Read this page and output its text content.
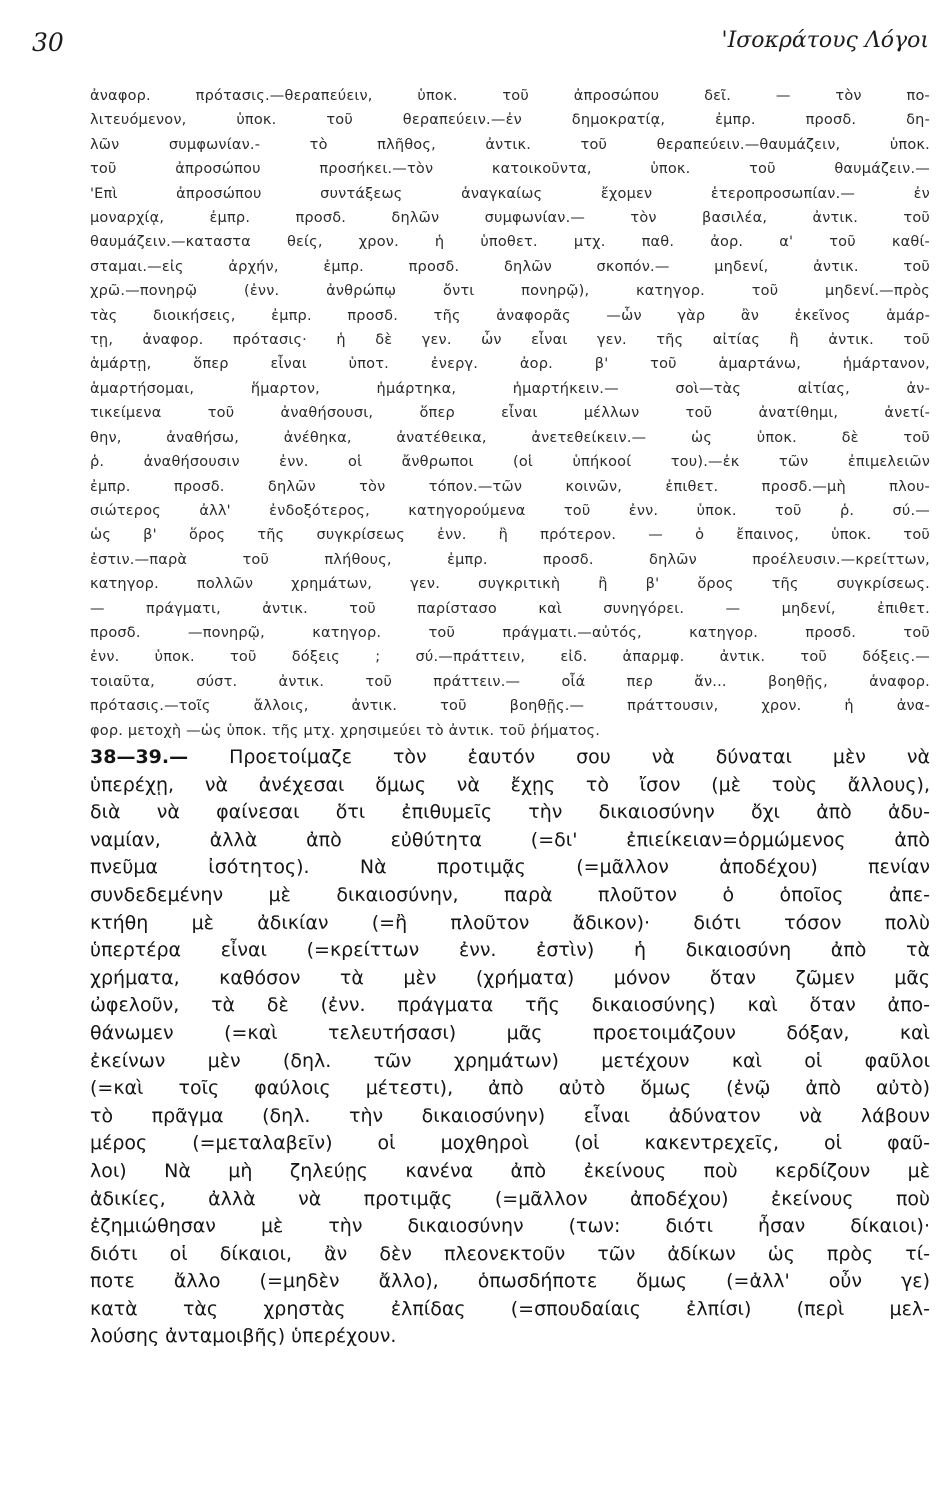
30	'Ισοκράτους Λόγοι
ἀναφορ. πρότασις.—θεραπεύειν, ὑποκ. τοῦ ἀπροσώπου δεῖ. — τὸν πο-
λιτευόμενον, ὑποκ. τοῦ θεραπεύειν.—ἐν δημοκρατίᾳ, ἐμπρ. προσδ. δη-
λῶν συμφωνίαν.- τὸ πλῆθος, ἀντικ. τοῦ θεραπεύειν.—θαυμάζειν, ὑποκ.
τοῦ ἀπροσώπου προσήκει.—τὸν κατοικοῦντα, ὑποκ. τοῦ θαυμάζειν.—
'Επὶ ἀπροσώπου συντάξεως ἀναγκαίως ἔχομεν ἑτεροπροσωπίαν.— ἐν
μοναρχίᾳ, ἐμπρ. προσδ. δηλῶν συμφωνίαν.— τὸν βασιλέα, ἀντικ. τοῦ
θαυμάζειν.—καταστα θείς, χρον. ἡ ὑποθετ. μτχ. παθ. ἀορ. α' τοῦ καθί-
σταμαι.—εἰς ἀρχήν, ἐμπρ. προσδ. δηλῶν σκοπόν.— μηδενί, ἀντικ. τοῦ
χρῶ.—πονηρῷ (ἐνν. ἀνθρώπῳ ὄντι πονηρῷ), κατηγορ. τοῦ μηδενί.—πρὸς
τὰς διοικήσεις, ἐμπρ. προσδ. τῆς ἀναφορᾶς —ὧν γὰρ ἂν ἐκεῖνος ἁμάρ-
τῃ, ἀναφορ. πρότασις· ἡ δὲ γεν. ὧν εἶναι γεν. τῆς αἰτίας ἢ ἀντικ. τοῦ
ἁμάρτῃ, ὅπερ εἶναι ὑποτ. ἐνεργ. ἀορ. β' τοῦ ἁμαρτάνω, ἡμάρτανον,
ἁμαρτήσομαι, ἥμαρτον, ἡμάρτηκα, ἡμαρτήκειν.— σοὶ—τὰς αἰτίας, ἀν-
τικείμενα τοῦ ἀναθήσουσι, ὅπερ εἶναι μέλλων τοῦ ἀνατίθημι, ἀνετί-
θην, ἀναθήσω, ἀνέθηκα, ἀνατέθεικα, ἀνετεθείκειν.— ὡς ὑποκ. δὲ τοῦ
ῥ. ἀναθήσουσιν ἐνν. οἱ ἄνθρωποι (οἱ ὑπήκοοί του).—ἐκ τῶν ἐπιμελειῶν
ἐμπρ. προσδ. δηλῶν τὸν τόπον.—τῶν κοινῶν, ἐπιθετ. προσδ.—μὴ πλου-
σιώτερος ἀλλ' ἐνδοξότερος, κατηγορούμενα τοῦ ἐνν. ὑποκ. τοῦ ῥ. σύ.—
ὡς β' ὅρος τῆς συγκρίσεως ἐνν. ἢ πρότερον. — ὁ ἔπαινος, ὑποκ. τοῦ
ἐστιν.—παρὰ τοῦ πλήθους, ἐμπρ. προσδ. δηλῶν προέλευσιν.—κρείττων,
κατηγορ. πολλῶν χρημάτων, γεν. συγκριτικὴ ἢ β' ὅρος τῆς συγκρίσεως.
— πράγματι, ἀντικ. τοῦ παρίστασο καὶ συνηγόρει. — μηδενί, ἐπιθετ.
προσδ. —πονηρῷ, κατηγορ. τοῦ πράγματι.—αὐτός, κατηγορ. προσδ. τοῦ
ἐνν. ὑποκ. τοῦ δόξεις ; σύ.—πράττειν, εἰδ. ἀπαρμφ. ἀντικ. τοῦ δόξεις.—
τοιαῦτα, σύστ. ἀντικ. τοῦ πράττειν.— οἷά περ ἄν... βοηθῇς, ἀναφορ.
πρότασις.—τοῖς ἄλλοις, ἀντικ. τοῦ βοηθῇς.— πράττουσιν, χρον. ἡ ἀνα-
φορ. μετοχὴ —ὡς ὑποκ. τῆς μτχ. χρησιμεύει τὸ ἀντικ. τοῦ ῥήματος.
38—39.— Προετοίμαζε τὸν ἑαυτόν σου νὰ δύναται μὲν νὰ
ὑπερέχῃ, νὰ ἀνέχεσαι ὅμως νὰ ἔχῃς τὸ ἴσον (μὲ τοὺς ἄλλους),
διὰ νὰ φαίνεσαι ὅτι ἐπιθυμεῖς τὴν δικαιοσύνην ὄχι ἀπὸ ἀδυ-
ναμίαν, ἀλλὰ ἀπὸ εὐθύτητα (=δι' ἐπιείκειαν=ὁρμώμενος ἀπὸ
πνεῦμα ἰσότητος). Νὰ προτιμᾷς (=μᾶλλον ἀποδέχου) πενίαν
συνδεδεμένην μὲ δικαιοσύνην, παρὰ πλοῦτον ὁ ὁποῖος ἀπε-
κτήθη μὲ ἀδικίαν (=ἢ πλοῦτον ἄδικον)· διότι τόσον πολὺ
ὑπερτέρα εἶναι (=κρείττων ἐνν. ἐστὶν) ἡ δικαιοσύνη ἀπὸ τὰ
χρήματα, καθόσον τὰ μὲν (χρήματα) μόνον ὅταν ζῶμεν μᾶς
ὠφελοῦν, τὰ δὲ (ἐνν. πράγματα τῆς δικαιοσύνης) καὶ ὅταν ἀπο-
θάνωμεν (=καὶ τελευτήσασι) μᾶς προετοιμάζουν δόξαν, καὶ
ἐκείνων μὲν (δηλ. τῶν χρημάτων) μετέχουν καὶ οἱ φαῦλοι
(=καὶ τοῖς φαύλοις μέτεστι), ἀπὸ αὐτὸ ὅμως (ἐνῷ ἀπὸ αὐτὸ)
τὸ πρᾶγμα (δηλ. τὴν δικαιοσύνην) εἶναι ἀδύνατον νὰ λάβουν
μέρος (=μεταλαβεῖν) οἱ μοχθηροὶ (οἱ κακεντρεχεῖς, οἱ φαῦ-
λοι) Νὰ μὴ ζηλεύῃς κανένα ἀπὸ ἐκείνους ποὺ κερδίζουν μὲ
ἀδικίες, ἀλλὰ νὰ προτιμᾷς (=μᾶλλον ἀποδέχου) ἐκείνους ποὺ
ἐζημιώθησαν μὲ τὴν δικαιοσύνην (των: διότι ἦσαν δίκαιοι)·
διότι οἱ δίκαιοι, ἂν δὲν πλεονεκτοῦν τῶν ἀδίκων ὡς πρὸς τί-
ποτε ἄλλο (=μηδὲν ἄλλο), ὁπωσδήποτε ὅμως (=ἀλλ' οὖν γε)
κατὰ τὰς χρηστὰς ἐλπίδας (=σπουδαίαις ἐλπίσι) (περὶ μελ-
λούσης ἀνταμοιβῆς) ὑπερέχουν.
